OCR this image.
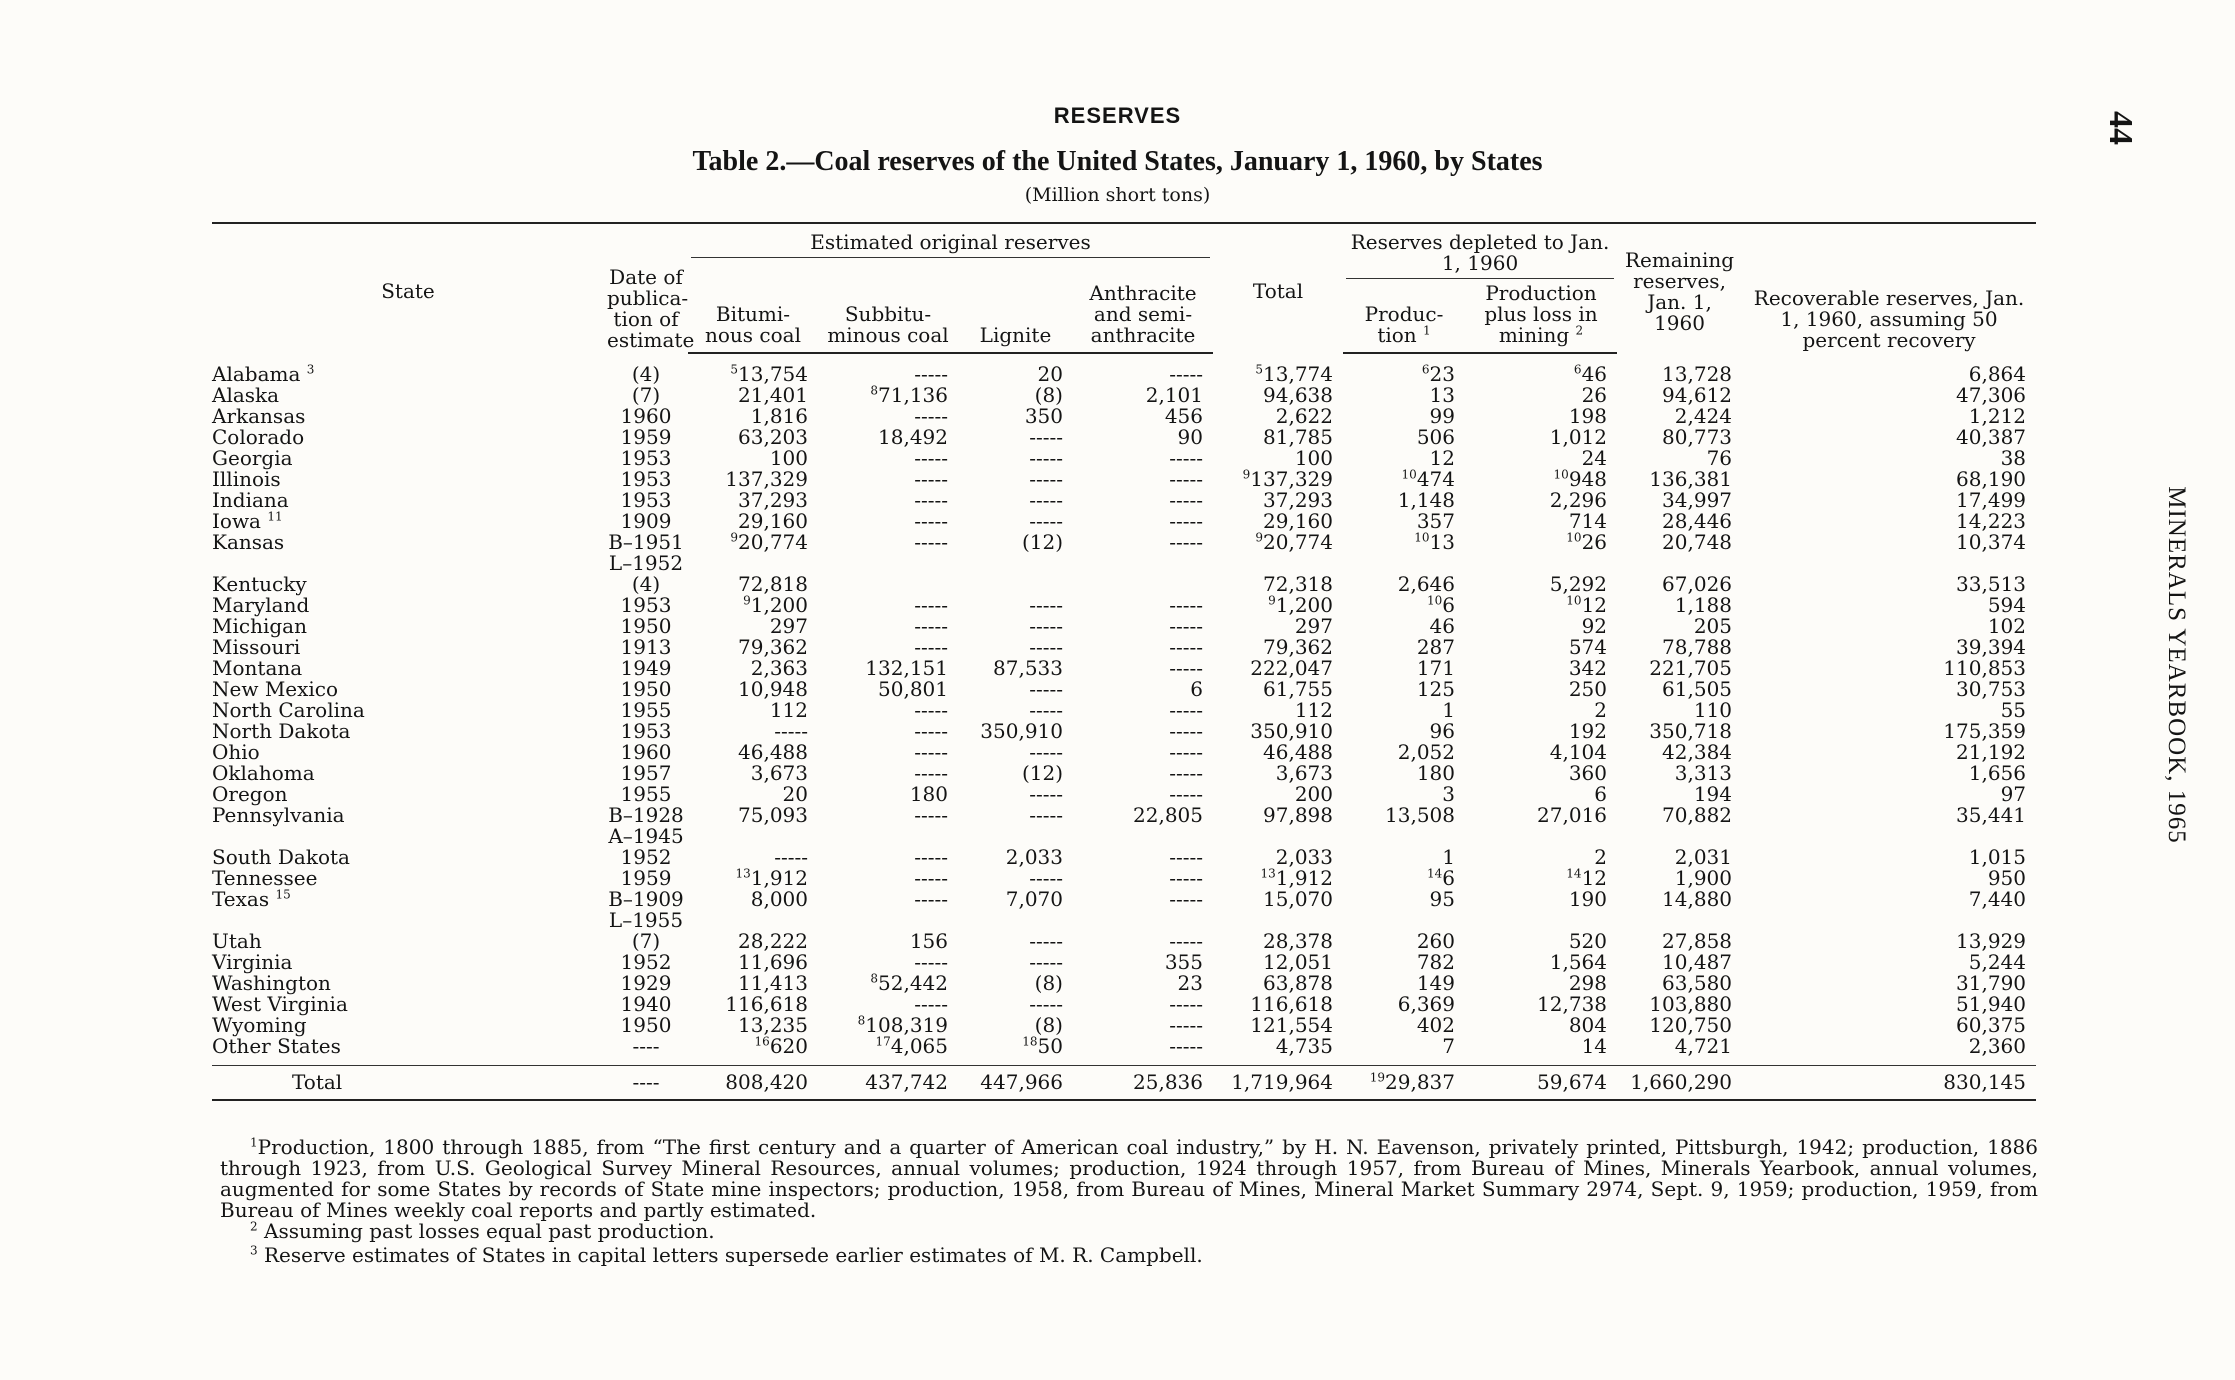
RESERVES
Table 2.—Coal reserves of the United States, January 1, 1960, by States
(Million short tons)
44
MINERALS YEARBOOK, 1965
State	Date of publica- tion of estimate	Estimated original reserves				Total	Reserves depleted to Jan. 1, 1960		Remaining reserves, Jan. 1, 1960	Recoverable reserves, Jan. 1, 1960, assuming 50 percent recovery
		Bitumi- nous coal	Subbitu- minous coal	Lignite	Anthracite and semi- anthracite		Produc- tion $^1$	Production plus loss in mining $^2$
Alabama $^3$	(4)	$^5$13,754	-----	20	-----	$^5$13,774	$^6$23	$^6$46	13,728	6,864
Alaska	(7)	21,401	$^8$71,136	(8)	2,101	94,638	13	26	94,612	47,306
Arkansas	1960	1,816	-----	350	456	2,622	99	198	2,424	1,212
Colorado	1959	63,203	18,492	-----	90	81,785	506	1,012	80,773	40,387
Georgia	1953	100	-----	-----	-----	100	12	24	76	38
Illinois	1953	137,329	-----	-----	-----	$^9$137,329	$^{10}$474	$^{10}$948	136,381	68,190
Indiana	1953	37,293	-----	-----	-----	37,293	1,148	2,296	34,997	17,499
Iowa $^{11}$	1909	29,160	-----	-----	-----	29,160	357	714	28,446	14,223
Kansas	B–1951	$^9$20,774	-----	(12)	-----	$^9$20,774	$^{10}$13	$^{10}$26	20,748	10,374
	L–1952									
Kentucky	(4)	72,818				72,318	2,646	5,292	67,026	33,513
Maryland	1953	$^9$1,200	-----	-----	-----	$^9$1,200	$^{10}$6	$^{10}$12	1,188	594
Michigan	1950	297	-----	-----	-----	297	46	92	205	102
Missouri	1913	79,362	-----	-----	-----	79,362	287	574	78,788	39,394
Montana	1949	2,363	132,151	87,533	-----	222,047	171	342	221,705	110,853
New Mexico	1950	10,948	50,801	-----	6	61,755	125	250	61,505	30,753
North Carolina	1955	112	-----	-----	-----	112	1	2	110	55
North Dakota	1953	-----	-----	350,910	-----	350,910	96	192	350,718	175,359
Ohio	1960	46,488	-----	-----	-----	46,488	2,052	4,104	42,384	21,192
Oklahoma	1957	3,673	-----	(12)	-----	3,673	180	360	3,313	1,656
Oregon	1955	20	180	-----	-----	200	3	6	194	97
Pennsylvania	B–1928	75,093	-----	-----	22,805	97,898	13,508	27,016	70,882	35,441
	A–1945									
South Dakota	1952	-----	-----	2,033	-----	2,033	1	2	2,031	1,015
Tennessee	1959	$^{13}$1,912	-----	-----	-----	$^{13}$1,912	$^{14}$6	$^{14}$12	1,900	950
Texas $^{15}$	B–1909	8,000	-----	7,070	-----	15,070	95	190	14,880	7,440
	L–1955									
Utah	(7)	28,222	156	-----	-----	28,378	260	520	27,858	13,929
Virginia	1952	11,696	-----	-----	355	12,051	782	1,564	10,487	5,244
Washington	1929	11,413	$^8$52,442	(8)	23	63,878	149	298	63,580	31,790
West Virginia	1940	116,618	-----	-----	-----	116,618	6,369	12,738	103,880	51,940
Wyoming	1950	13,235	$^8$108,319	(8)	-----	121,554	402	804	120,750	60,375
Other States	----	$^{16}$620	$^{17}$4,065	$^{18}$50	-----	4,735	7	14	4,721	2,360

Total	----	808,420	437,742	447,966	25,836	1,719,964	$^{19}$29,837	59,674	1,660,290	830,145
$^1$Production, 1800 through 1885, from “The first century and a quarter of American coal industry,” by H. N. Eavenson, privately printed, Pittsburgh, 1942; production, 1886 through 1923, from U.S. Geological Survey Mineral Resources, annual volumes; production, 1924 through 1957, from Bureau of Mines, Minerals Yearbook, annual volumes, augmented for some States by records of State mine inspectors; production, 1958, from Bureau of Mines, Mineral Market Summary 2974, Sept. 9, 1959; production, 1959, from Bureau of Mines weekly coal reports and partly estimated.
$^2$ Assuming past losses equal past production.
$^3$ Reserve estimates of States in capital letters supersede earlier estimates of M. R. Campbell.
